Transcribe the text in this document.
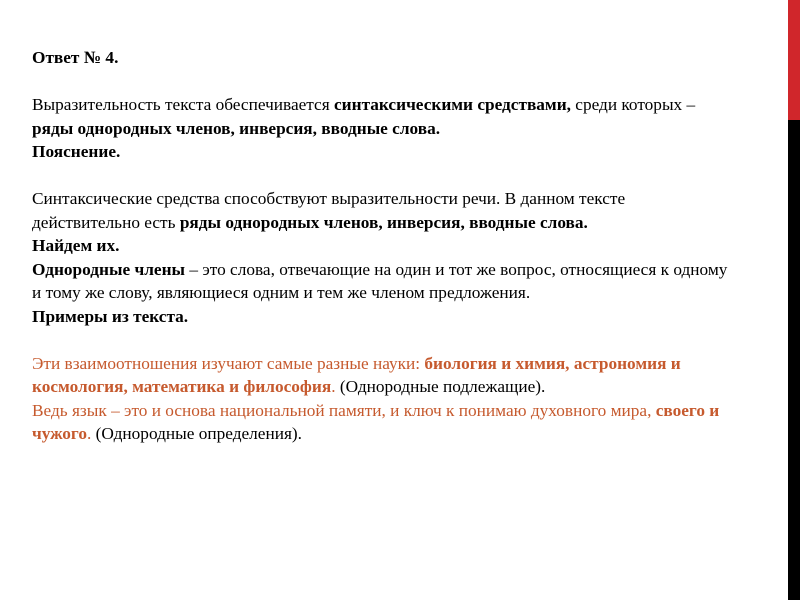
Ответ № 4.

Выразительность текста обеспечивается синтаксическими средствами, среди которых – ряды однородных членов, инверсия, вводные слова.

Пояснение.

Синтаксические средства способствуют выразительности речи. В данном тексте действительно есть ряды однородных членов, инверсия, вводные слова.

Найдем их.

Однородные члены – это слова, отвечающие на один и тот же вопрос, относящиеся к одному и тому же слову, являющиеся одним и тем же членом предложения.

Примеры из текста.

Эти взаимоотношения изучают самые разные науки: биология и химия, астрономия и космология, математика и философия. (Однородные подлежащие).

Ведь язык – это и основа национальной памяти, и ключ к понимаю духовного мира, своего и чужого. (Однородные определения).
